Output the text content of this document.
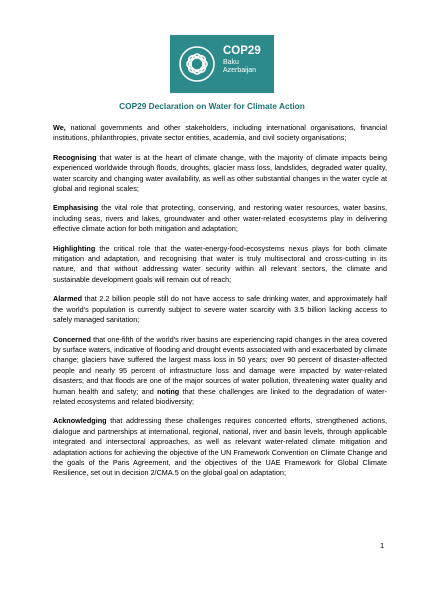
COP29
Baku
Azerbaijan
COP29 Declaration on Water for Climate Action

We, national governments and other stakeholders, including international organisations, financial institutions, philanthropies, private sector entities, academia, and civil society organisations;

Recognising that water is at the heart of climate change, with the majority of climate impacts being experienced worldwide through floods, droughts, glacier mass loss, landslides, degraded water quality, water scarcity and changing water availability, as well as other substantial changes in the water cycle at global and regional scales;

Emphasising the vital role that protecting, conserving, and restoring water resources, water basins, including seas, rivers and lakes, groundwater and other water-related ecosystems play in delivering effective climate action for both mitigation and adaptation;

Highlighting the critical role that the water-energy-food-ecosystems nexus plays for both climate mitigation and adaptation, and recognising that water is truly multisectoral and cross-cutting in its nature, and that without addressing water security within all relevant sectors, the climate and sustainable development goals will remain out of reach;

Alarmed that 2.2 billion people still do not have access to safe drinking water, and approximately half the world’s population is currently subject to severe water scarcity with 3.5 billion lacking access to safely managed sanitation;

Concerned that one-fifth of the world’s river basins are experiencing rapid changes in the area covered by surface waters, indicative of flooding and drought events associated with and exacerbated by climate change; glaciers have suffered the largest mass loss in 50 years; over 90 percent of disaster-affected people and nearly 95 percent of infrastructure loss and damage were impacted by water-related disasters; and that floods are one of the major sources of water pollution, threatening water quality and human health and safety; and noting that these challenges are linked to the degradation of water-related ecosystems and related biodiversity;

Acknowledging that addressing these challenges requires concerted efforts, strengthened actions, dialogue and partnerships at international, regional, national, river and basin levels, through applicable integrated and intersectoral approaches, as well as relevant water-related climate mitigation and adaptation actions for achieving the objective of the UN Framework Convention on Climate Change and the goals of the Paris Agreement, and the objectives of the UAE Framework for Global Climate Resilience, set out in decision 2/CMA.5 on the global goal on adaptation;

1
